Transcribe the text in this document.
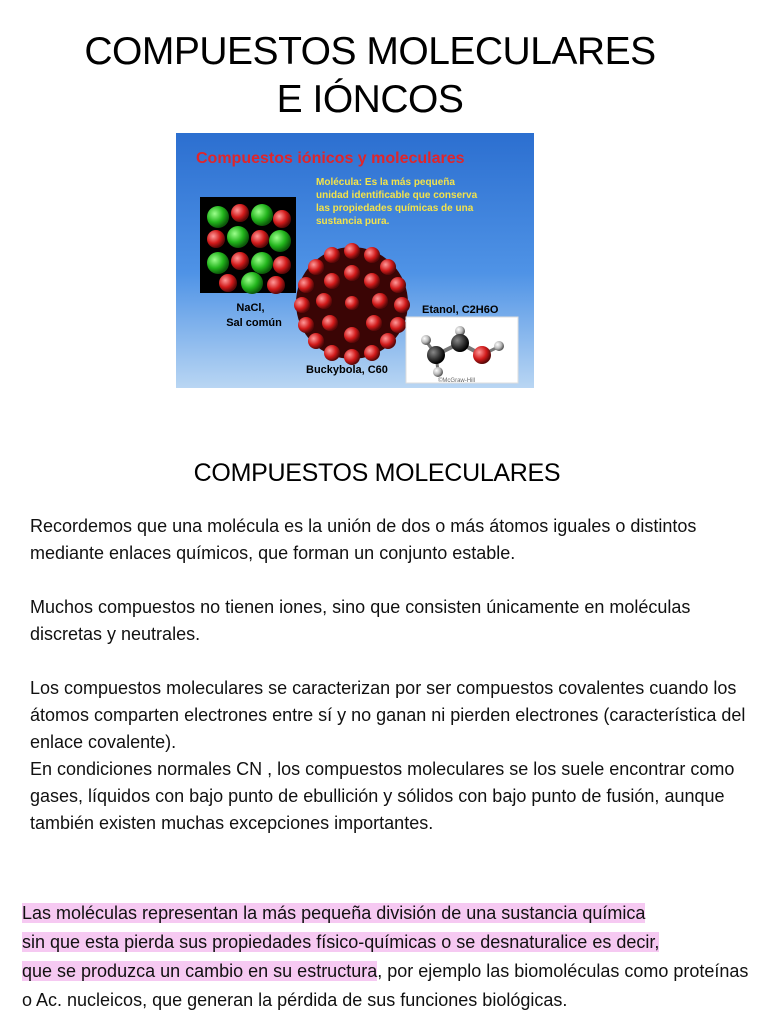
COMPUESTOS MOLECULARES
E IÓNCOS
Compuestos iónicos y moleculares
Molécula: Es la más pequeña unidad identificable que conserva las propiedades químicas de una sustancia pura.
NaCl, Sal común
Buckybola, C60
Etanol, C2H6O
©McGraw-Hill
COMPUESTOS MOLECULARES

Recordemos que una molécula es la unión de dos o más átomos iguales o distintos mediante enlaces químicos, que forman un conjunto estable.

Muchos compuestos no tienen iones, sino que consisten únicamente en moléculas discretas y neutrales.

Los compuestos moleculares se caracterizan por ser compuestos covalentes cuando los átomos comparten electrones entre sí y no ganan ni pierden electrones (característica del enlace covalente).
En condiciones normales CN , los compuestos moleculares se los suele encontrar como gases, líquidos con bajo punto de ebullición y sólidos con bajo punto de fusión, aunque también existen muchas excepciones importantes.
Las moléculas representan la más pequeña división de una sustancia química
sin que esta pierda sus propiedades físico-químicas o se desnaturalice es decir,
que se produzca un cambio en su estructura, por ejemplo las biomoléculas como proteínas o Ac. nucleicos, que generan la pérdida de sus funciones biológicas.
